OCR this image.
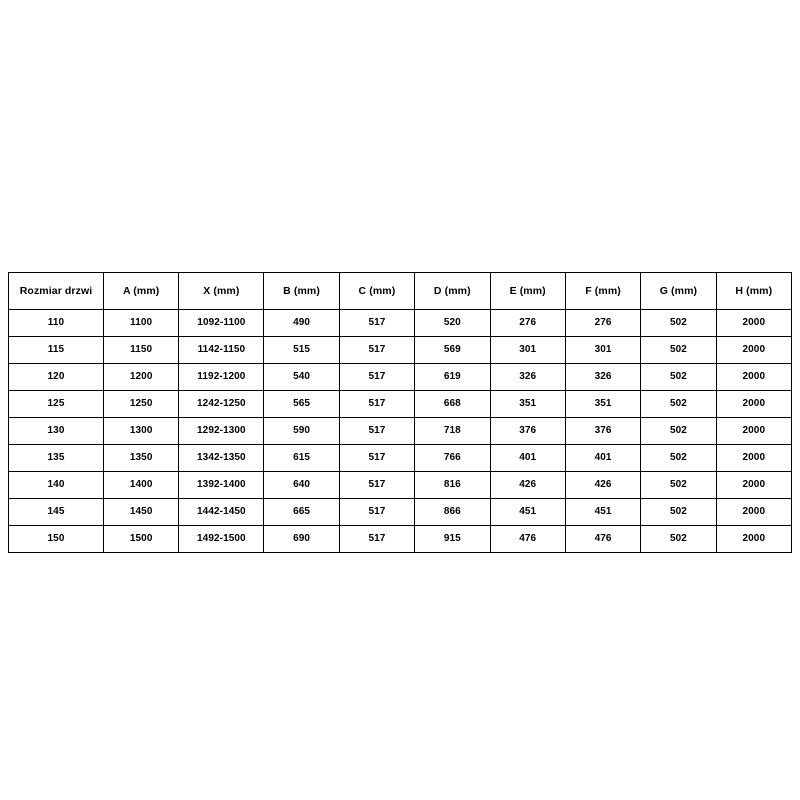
Rozmiar drzwi	A (mm)	X (mm)	B (mm)	C (mm)	D (mm)	E (mm)	F (mm)	G (mm)	H (mm)
110	1100	1092-1100	490	517	520	276	276	502	2000
115	1150	1142-1150	515	517	569	301	301	502	2000
120	1200	1192-1200	540	517	619	326	326	502	2000
125	1250	1242-1250	565	517	668	351	351	502	2000
130	1300	1292-1300	590	517	718	376	376	502	2000
135	1350	1342-1350	615	517	766	401	401	502	2000
140	1400	1392-1400	640	517	816	426	426	502	2000
145	1450	1442-1450	665	517	866	451	451	502	2000
150	1500	1492-1500	690	517	915	476	476	502	2000
